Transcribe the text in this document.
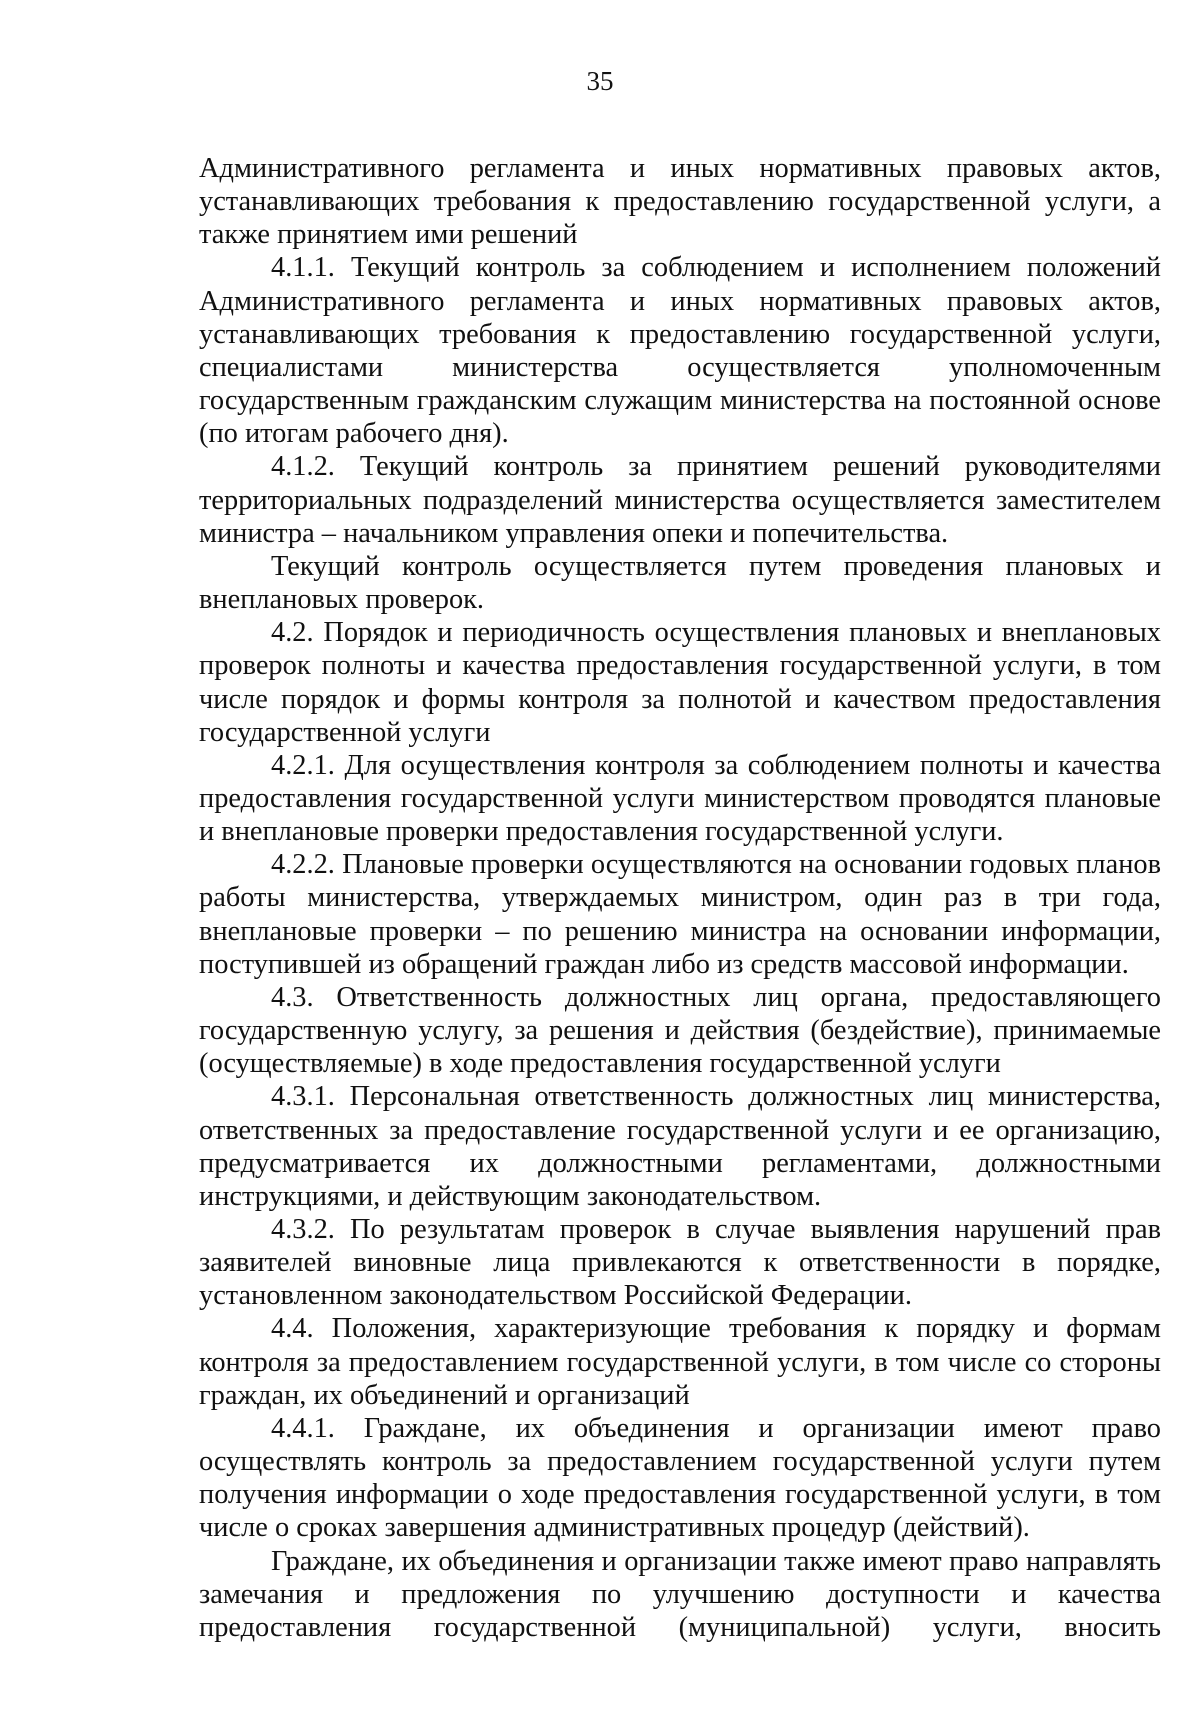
35

Административного регламента и иных нормативных правовых актов, устанавливающих требования к предоставлению государственной услуги, а также принятием ими решений

4.1.1. Текущий контроль за соблюдением и исполнением положений Административного регламента и иных нормативных правовых актов, устанавливающих требования к предоставлению государственной услуги, специалистами министерства осуществляется уполномоченным государственным гражданским служащим министерства на постоянной основе (по итогам рабочего дня).

4.1.2. Текущий контроль за принятием решений руководителями территориальных подразделений министерства осуществляется заместителем министра – начальником управления опеки и попечительства.

Текущий контроль осуществляется путем проведения плановых и внеплановых проверок.

4.2. Порядок и периодичность осуществления плановых и внеплановых проверок полноты и качества предоставления государственной услуги, в том числе порядок и формы контроля за полнотой и качеством предоставления государственной услуги

4.2.1. Для осуществления контроля за соблюдением полноты и качества предоставления государственной услуги министерством проводятся плановые и внеплановые проверки предоставления государственной услуги.

4.2.2. Плановые проверки осуществляются на основании годовых планов работы министерства, утверждаемых министром, один раз в три года, внеплановые проверки – по решению министра на основании информации, поступившей из обращений граждан либо из средств массовой информации.

4.3. Ответственность должностных лиц органа, предоставляющего государственную услугу, за решения и действия (бездействие), принимаемые (осуществляемые) в ходе предоставления государственной услуги

4.3.1. Персональная ответственность должностных лиц министерства, ответственных за предоставление государственной услуги и ее организацию, предусматривается их должностными регламентами, должностными инструкциями, и действующим законодательством.

4.3.2. По результатам проверок в случае выявления нарушений прав заявителей виновные лица привлекаются к ответственности в порядке, установленном законодательством Российской Федерации.

4.4. Положения, характеризующие требования к порядку и формам контроля за предоставлением государственной услуги, в том числе со стороны граждан, их объединений и организаций

4.4.1. Граждане, их объединения и организации имеют право осуществлять контроль за предоставлением государственной услуги путем получения информации о ходе предоставления государственной услуги, в том числе о сроках завершения административных процедур (действий).

Граждане, их объединения и организации также имеют право направлять замечания и предложения по улучшению доступности и качества предоставления государственной (муниципальной) услуги, вносить
